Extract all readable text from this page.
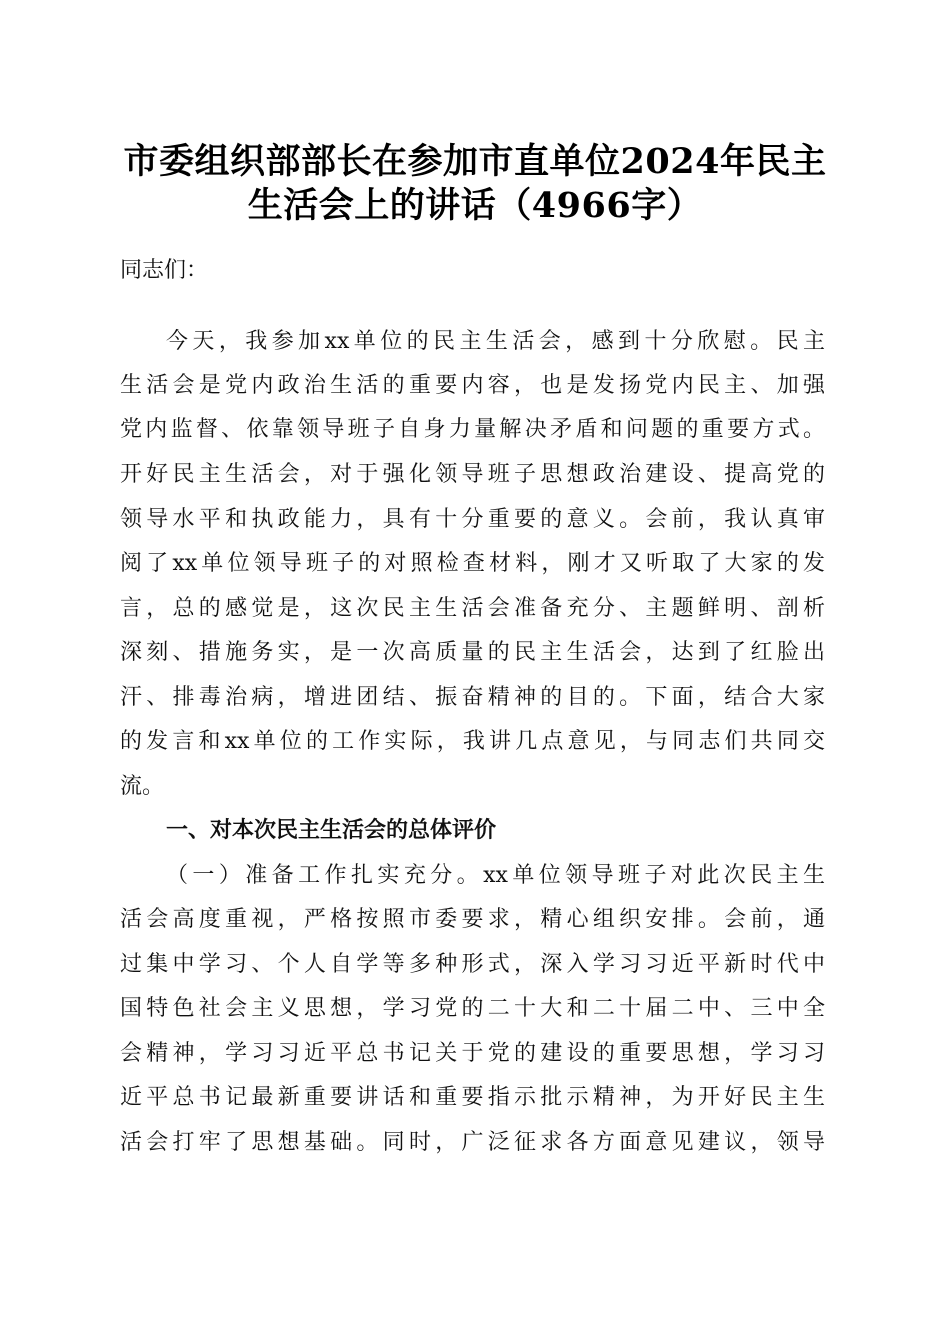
市委组织部部长在参加市直单位2024年民主
生活会上的讲话（4966字）
同志们：
今天，我参加xx单位的民主生活会，感到十分欣慰。民主
生活会是党内政治生活的重要内容，也是发扬党内民主、加强
党内监督、依靠领导班子自身力量解决矛盾和问题的重要方式。
开好民主生活会，对于强化领导班子思想政治建设、提高党的
领导水平和执政能力，具有十分重要的意义。会前，我认真审
阅了xx单位领导班子的对照检查材料，刚才又听取了大家的发
言，总的感觉是，这次民主生活会准备充分、主题鲜明、剖析
深刻、措施务实，是一次高质量的民主生活会，达到了红脸出
汗、排毒治病，增进团结、振奋精神的目的。下面，结合大家
的发言和xx单位的工作实际，我讲几点意见，与同志们共同交
流。
一、对本次民主生活会的总体评价
（一）准备工作扎实充分。xx单位领导班子对此次民主生
活会高度重视，严格按照市委要求，精心组织安排。会前，通
过集中学习、个人自学等多种形式，深入学习习近平新时代中
国特色社会主义思想，学习党的二十大和二十届二中、三中全
会精神，学习习近平总书记关于党的建设的重要思想，学习习
近平总书记最新重要讲话和重要指示批示精神，为开好民主生
活会打牢了思想基础。同时，广泛征求各方面意见建议，领导
